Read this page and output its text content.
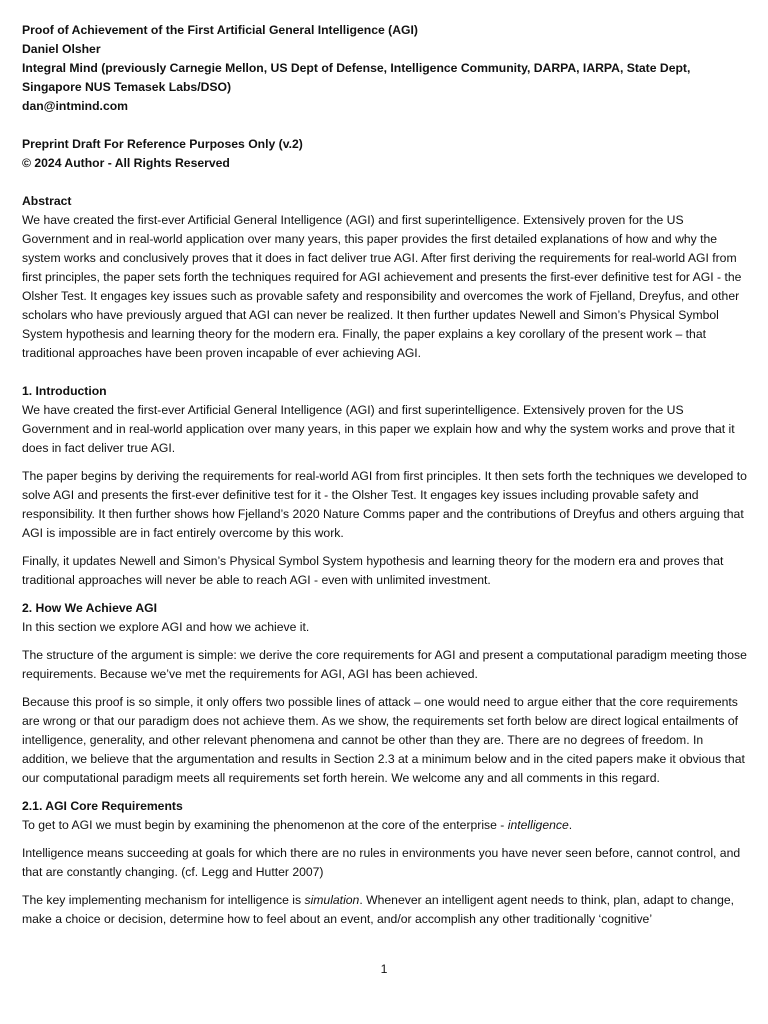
Proof of Achievement of the First Artificial General Intelligence (AGI)
Daniel Olsher
Integral Mind (previously Carnegie Mellon, US Dept of Defense, Intelligence Community, DARPA, IARPA, State Dept, Singapore NUS Temasek Labs/DSO)
dan@intmind.com
Preprint Draft For Reference Purposes Only (v.2)
© 2024 Author - All Rights Reserved
Abstract

We have created the first-ever Artificial General Intelligence (AGI) and first superintelligence. Extensively proven for the US Government and in real-world application over many years, this paper provides the first detailed explanations of how and why the system works and conclusively proves that it does in fact deliver true AGI. After first deriving the requirements for real-world AGI from first principles, the paper sets forth the techniques required for AGI achievement and presents the first-ever definitive test for AGI - the Olsher Test. It engages key issues such as provable safety and responsibility and overcomes the work of Fjelland, Dreyfus, and other scholars who have previously argued that AGI can never be realized. It then further updates Newell and Simon’s Physical Symbol System hypothesis and learning theory for the modern era. Finally, the paper explains a key corollary of the present work – that traditional approaches have been proven incapable of ever achieving AGI.

1. Introduction

We have created the first-ever Artificial General Intelligence (AGI) and first superintelligence. Extensively proven for the US Government and in real-world application over many years, in this paper we explain how and why the system works and prove that it does in fact deliver true AGI.

The paper begins by deriving the requirements for real-world AGI from first principles. It then sets forth the techniques we developed to solve AGI and presents the first-ever definitive test for it - the Olsher Test. It engages key issues including provable safety and responsibility. It then further shows how Fjelland’s 2020 Nature Comms paper and the contributions of Dreyfus and others arguing that AGI is impossible are in fact entirely overcome by this work.

Finally, it updates Newell and Simon’s Physical Symbol System hypothesis and learning theory for the modern era and proves that traditional approaches will never be able to reach AGI - even with unlimited investment.

2. How We Achieve AGI

In this section we explore AGI and how we achieve it.

The structure of the argument is simple: we derive the core requirements for AGI and present a computational paradigm meeting those requirements. Because we’ve met the requirements for AGI, AGI has been achieved.

Because this proof is so simple, it only offers two possible lines of attack – one would need to argue either that the core requirements are wrong or that our paradigm does not achieve them. As we show, the requirements set forth below are direct logical entailments of intelligence, generality, and other relevant phenomena and cannot be other than they are. There are no degrees of freedom. In addition, we believe that the argumentation and results in Section 2.3 at a minimum below and in the cited papers make it obvious that our computational paradigm meets all requirements set forth herein. We welcome any and all comments in this regard.

2.1. AGI Core Requirements

To get to AGI we must begin by examining the phenomenon at the core of the enterprise - intelligence.

Intelligence means succeeding at goals for which there are no rules in environments you have never seen before, cannot control, and that are constantly changing. (cf. Legg and Hutter 2007)

The key implementing mechanism for intelligence is simulation. Whenever an intelligent agent needs to think, plan, adapt to change, make a choice or decision, determine how to feel about an event, and/or accomplish any other traditionally ‘cognitive’

1
